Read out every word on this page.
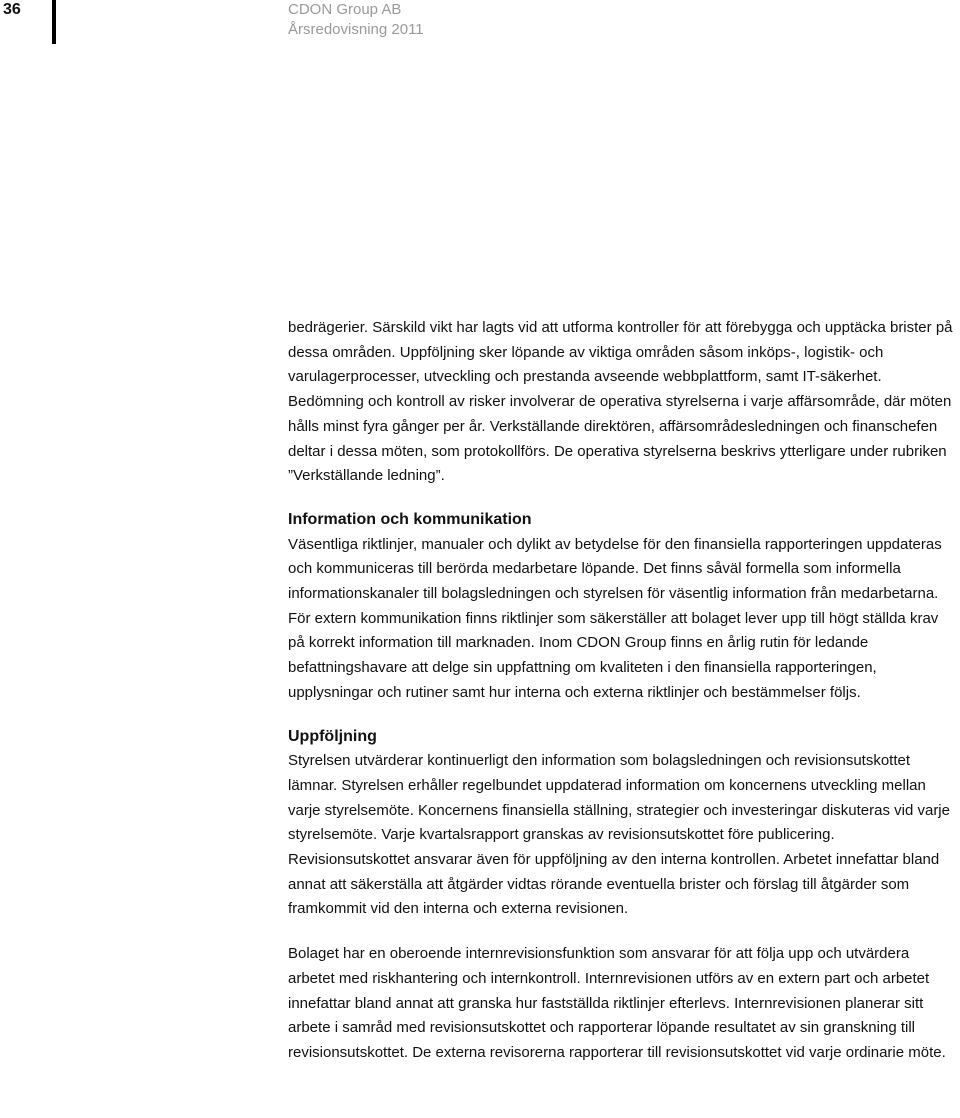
36	CDON Group AB
Årsredovisning 2011

bedrägerier. Särskild vikt har lagts vid att utforma kontroller för att förebygga och upptäcka brister på dessa områden. Uppföljning sker löpande av viktiga områden såsom inköps-, logistik- och varulagerprocesser, utveckling och prestanda avseende webbplattform, samt IT-säkerhet. Bedömning och kontroll av risker involverar de operativa styrelserna i varje affärsområde, där möten hålls minst fyra gånger per år. Verkställande direktören, affärsområdesledningen och finanschefen deltar i dessa möten, som protokollförs. De operativa styrelserna beskrivs ytterligare under rubriken ”Verkställande ledning”.

Information och kommunikation

Väsentliga riktlinjer, manualer och dylikt av betydelse för den finansiella rapporteringen uppdateras och kommuniceras till berörda medarbetare löpande. Det finns såväl formella som informella informationskanaler till bolagsledningen och styrelsen för väsentlig information från medarbetarna. För extern kommunikation finns riktlinjer som säkerställer att bolaget lever upp till högt ställda krav på korrekt information till marknaden. Inom CDON Group finns en årlig rutin för ledande befattningshavare att delge sin uppfattning om kvaliteten i den finansiella rapporteringen, upplysningar och rutiner samt hur interna och externa riktlinjer och bestämmelser följs.

Uppföljning

Styrelsen utvärderar kontinuerligt den information som bolagsledningen och revisionsutskottet lämnar. Styrelsen erhåller regelbundet uppdaterad information om koncernens utveckling mellan varje styrelsemöte. Koncernens finansiella ställning, strategier och investeringar diskuteras vid varje styrelsemöte. Varje kvartalsrapport granskas av revisionsutskottet före publicering. Revisionsutskottet ansvarar även för uppföljning av den interna kontrollen. Arbetet innefattar bland annat att säkerställa att åtgärder vidtas rörande eventuella brister och förslag till åtgärder som framkommit vid den interna och externa revisionen.

Bolaget har en oberoende internrevisionsfunktion som ansvarar för att följa upp och utvärdera arbetet med riskhantering och internkontroll. Internrevisionen utförs av en extern part och arbetet innefattar bland annat att granska hur fastställda riktlinjer efterlevs. Internrevisionen planerar sitt arbete i samråd med revisionsutskottet och rapporterar löpande resultatet av sin granskning till revisionsutskottet. De externa revisorerna rapporterar till revisionsutskottet vid varje ordinarie möte.
